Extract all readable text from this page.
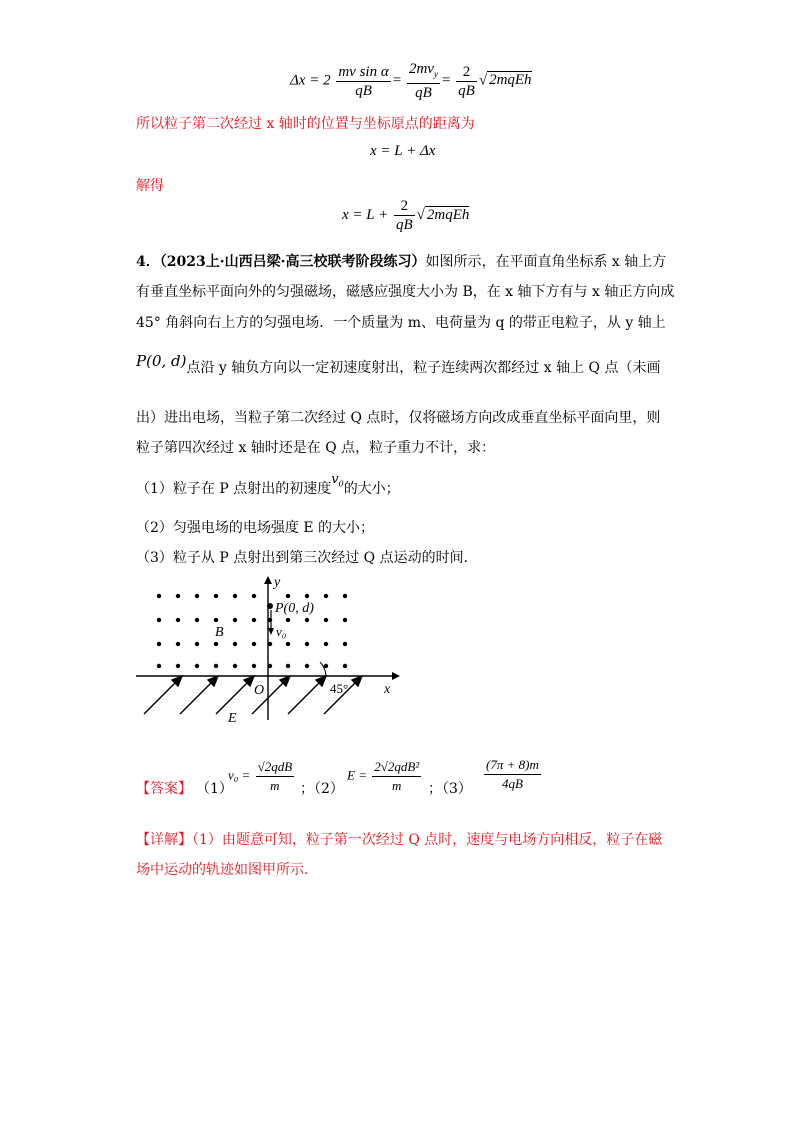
$\Delta x = 2 \frac{\text{mv sin α}}{qB} = \frac{2mv_y}{qB} = \frac{2}{qB}$ √ 2mqEh
所以粒子第二次经过 x 轴时的位置与坐标原点的距离为
x = L + Δx
解得
$x = L + \frac{2}{qB}$ √ 2mqEh
4．（2023上·山西吕梁·高三校联考阶段练习）如图所示，在平面直角坐标系 x 轴上方
有垂直坐标平面向外的匀强磁场，磁感应强度大小为 B，在 x 轴下方有与 x 轴正方向成
45° 角斜向右上方的匀强电场．一个质量为 m、电荷量为 q 的带正电粒子，从 y 轴上
P(0, d)点沿 y 轴负方向以一定初速度射出，粒子连续两次都经过 x 轴上 Q 点（未画
出）进出电场，当粒子第二次经过 Q 点时，仅将磁场方向改成垂直坐标平面向里，则
粒子第四次经过 x 轴时还是在 Q 点，粒子重力不计，求：
（1）粒子在 P 点射出的初速度$v_0$的大小；
（2）匀强电场的电场强度 E 的大小；
（3）粒子从 P 点射出到第三次经过 Q 点运动的时间．
y
x
P(0, d)
B	v₀
O	45°
E
【答案】 （1）
$v_0 = \frac{\text{√2qdB}}{m}$ ；（2）
$E = \frac{\text{2√2qdB²}}{m}$ ；$(3) \frac{(7\pi + 8)m}{4qB}$
【详解】（1）由题意可知，粒子第一次经过 Q 点时，速度与电场方向相反，粒子在磁
场中运动的轨迹如图甲所示．
